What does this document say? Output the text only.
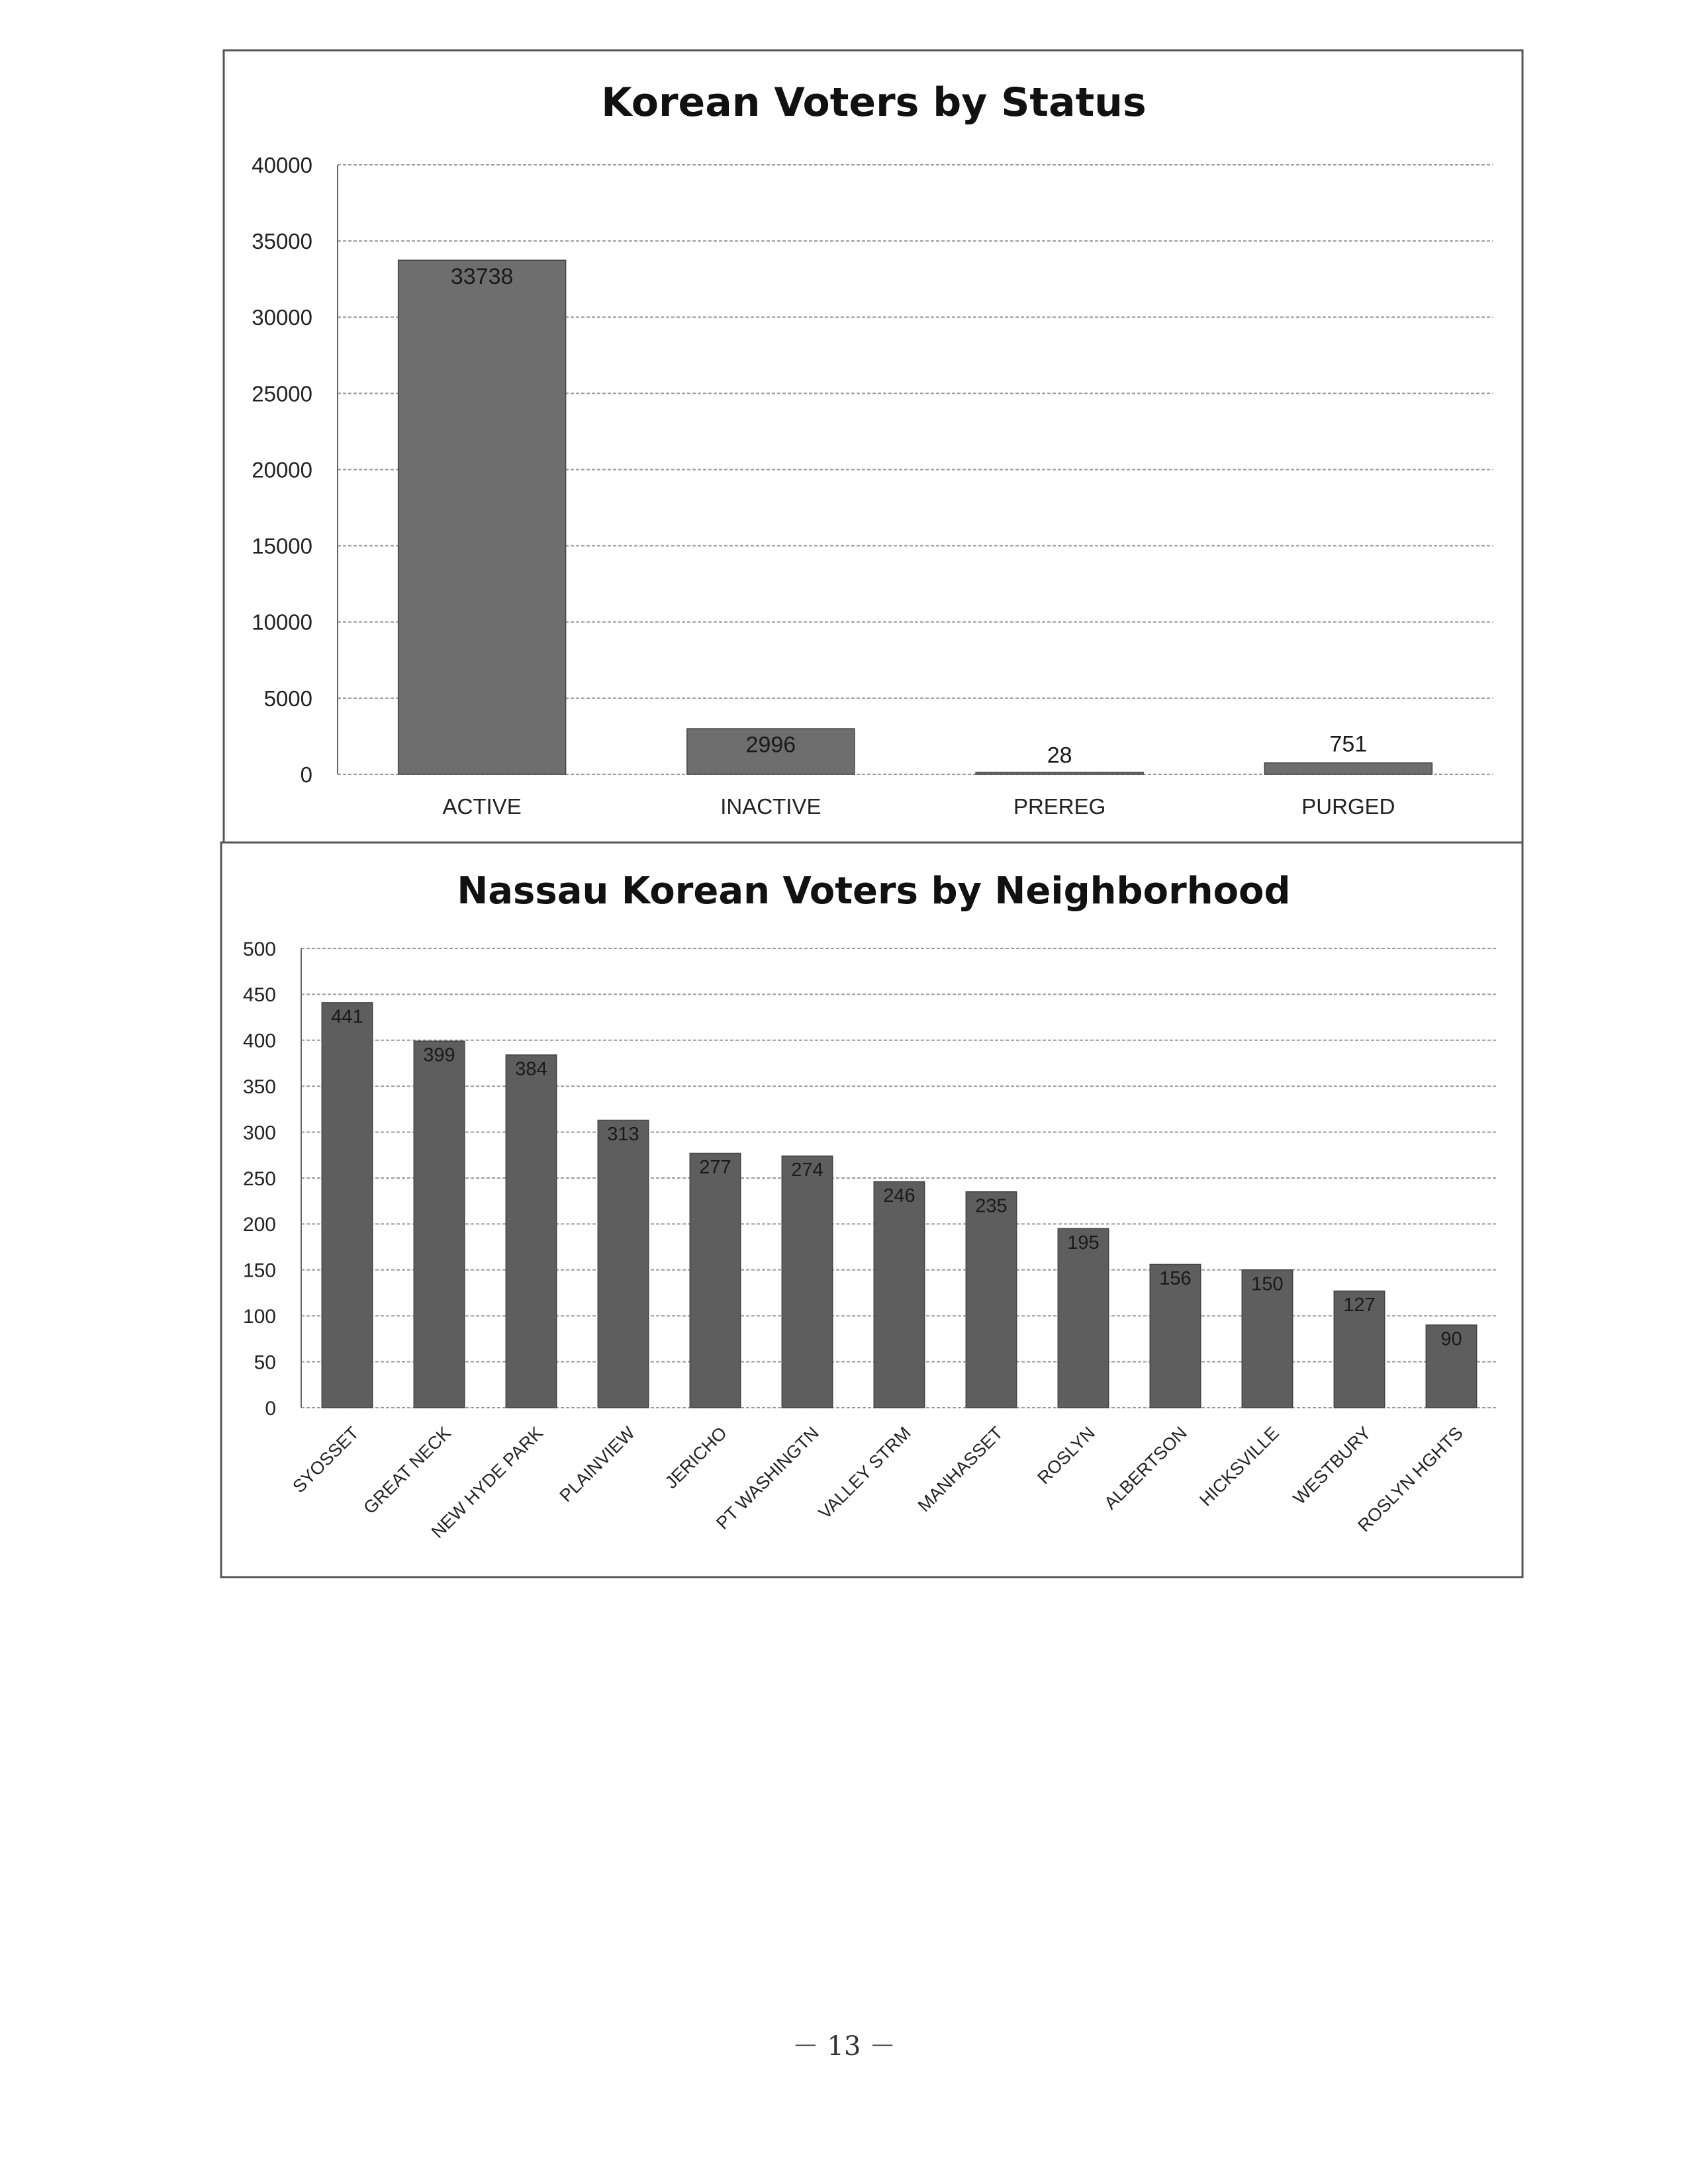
Korean Voters by Status
0
5000
10000
15000
20000
25000
30000
35000
40000
33738
2996	28	751
ACTIVE	INACTIVE	PREREG	PURGED
Nassau Korean Voters by Neighborhood
0
50
100
150
200
250
300
350
400
450
500
441
399
384
313
277	274
246	235
195
156	150
127
90
SYOSSET
GREAT NECK
NEW HYDE PARK PLAINVIEW JERICHO
PT WASHINGTN
VALLEY STRM
MANHASSET ROSLYN ALBERTSON HICKSVILLE WESTBURY
ROSLYN HGHTS
－ 13 －
